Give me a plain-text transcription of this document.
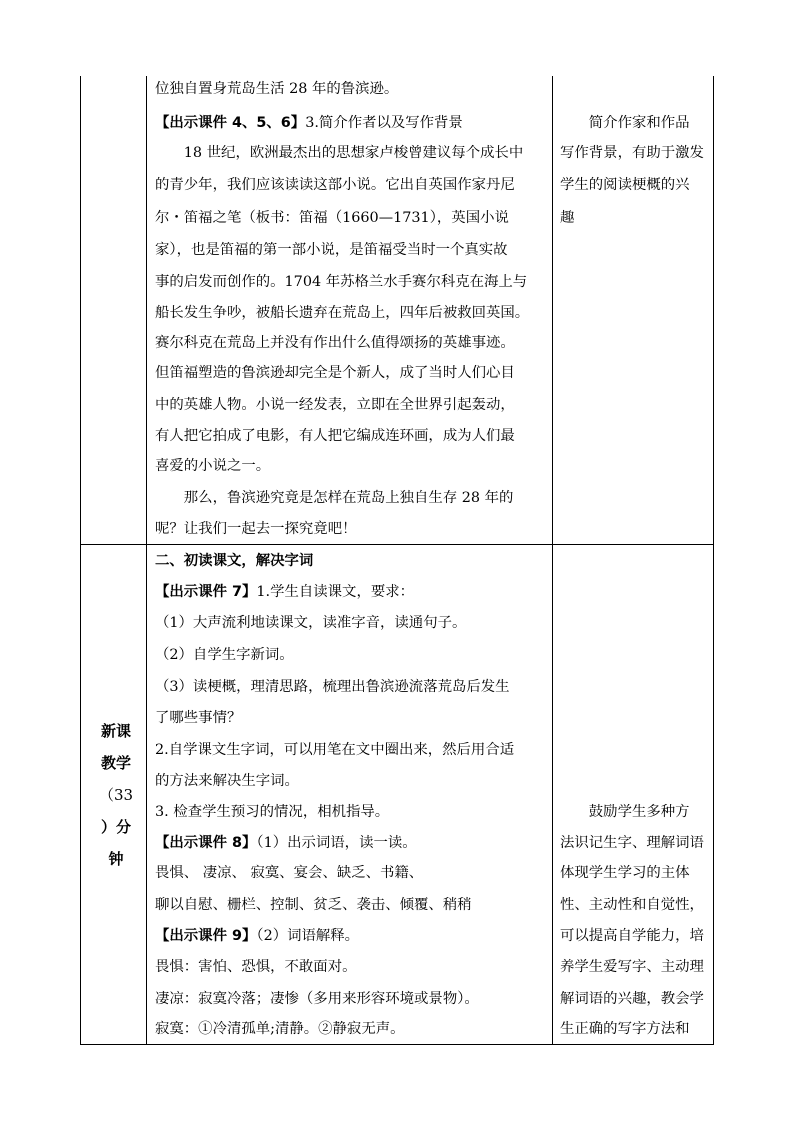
位独自置身荒岛生活 28 年的鲁滨逊。
【出示课件 4、5、6】3.简介作者以及写作背景
　　18 世纪，欧洲最杰出的思想家卢梭曾建议每个成长中
的青少年，我们应该读读这部小说。它出自英国作家丹尼
尔・笛福之笔（板书：笛福（1660—1731），英国小说
家），也是笛福的第一部小说，是笛福受当时一个真实故
事的启发而创作的。1704 年苏格兰水手赛尔科克在海上与
船长发生争吵，被船长遗弃在荒岛上，四年后被救回英国。
赛尔科克在荒岛上并没有作出什么值得颂扬的英雄事迹。
但笛福塑造的鲁滨逊却完全是个新人，成了当时人们心目
中的英雄人物。小说一经发表，立即在全世界引起轰动，
有人把它拍成了电影，有人把它编成连环画，成为人们最
喜爱的小说之一。
　　那么，鲁滨逊究竟是怎样在荒岛上独自生存 28 年的
呢？让我们一起去一探究竟吧！
　　简介作家和作品
写作背景，有助于激发
学生的阅读梗概的兴
趣
新课
教学
（33
）分
钟
二、初读课文，解决字词
【出示课件 7】1.学生自读课文，要求：
（1）大声流利地读课文，读准字音，读通句子。
（2）自学生字新词。
（3）读梗概，理清思路，梳理出鲁滨逊流落荒岛后发生
了哪些事情？
2.自学课文生字词，可以用笔在文中圈出来，然后用合适
的方法来解决生字词。
3. 检查学生预习的情况，相机指导。
【出示课件 8】（1）出示词语，读一读。
畏惧、 凄凉、 寂寞、宴会、缺乏、书籍、
聊以自慰、栅栏、控制、贫乏、袭击、倾覆、稍稍
【出示课件 9】（2）词语解释。
畏惧：害怕、恐惧，不敢面对。
凄凉：寂寞冷落；凄惨（多用来形容环境或景物）。
寂寞：①冷清孤单;清静。②静寂无声。
　　鼓励学生多种方
法识记生字、理解词语
体现学生学习的主体
性、主动性和自觉性，
可以提高自学能力，培
养学生爱写字、主动理
解词语的兴趣，教会学
生正确的写字方法和
